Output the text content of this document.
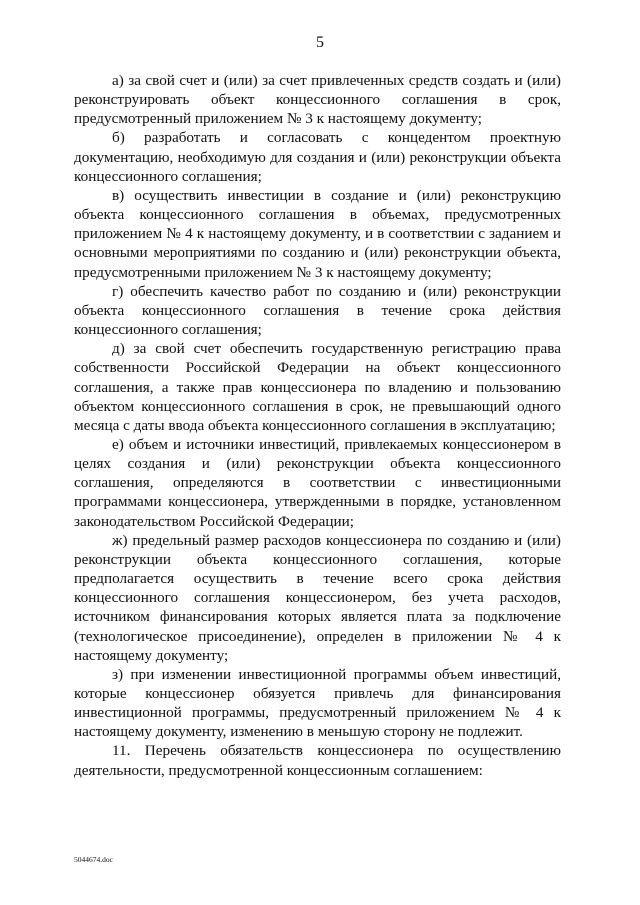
5

а) за свой счет и (или) за счет привлеченных средств создать и (или) реконструировать объект концессионного соглашения в срок, предусмотренный приложением № 3 к настоящему документу;

б) разработать и согласовать с концедентом проектную документацию, необходимую для создания и (или) реконструкции объекта концессионного соглашения;

в) осуществить инвестиции в создание и (или) реконструкцию объекта концессионного соглашения в объемах, предусмотренных приложением № 4 к настоящему документу, и в соответствии с заданием и основными мероприятиями по созданию и (или) реконструкции объекта, предусмотренными приложением № 3 к настоящему документу;

г) обеспечить качество работ по созданию и (или) реконструкции объекта концессионного соглашения в течение срока действия концессионного соглашения;

д) за свой счет обеспечить государственную регистрацию права собственности Российской Федерации на объект концессионного соглашения, а также прав концессионера по владению и пользованию объектом концессионного соглашения в срок, не превышающий одного месяца с даты ввода объекта концессионного соглашения в эксплуатацию;

е) объем и источники инвестиций, привлекаемых концессионером в целях создания и (или) реконструкции объекта концессионного соглашения, определяются в соответствии с инвестиционными программами концессионера, утвержденными в порядке, установленном законодательством Российской Федерации;

ж) предельный размер расходов концессионера по созданию и (или) реконструкции объекта концессионного соглашения, которые предполагается осуществить в течение всего срока действия концессионного соглашения концессионером, без учета расходов, источником финансирования которых является плата за подключение (технологическое присоединение), определен в приложении № 4 к настоящему документу;

з) при изменении инвестиционной программы объем инвестиций, которые концессионер обязуется привлечь для финансирования инвестиционной программы, предусмотренный приложением № 4 к настоящему документу, изменению в меньшую сторону не подлежит.

11. Перечень обязательств концессионера по осуществлению деятельности, предусмотренной концессионным соглашением:

5044674.doc
